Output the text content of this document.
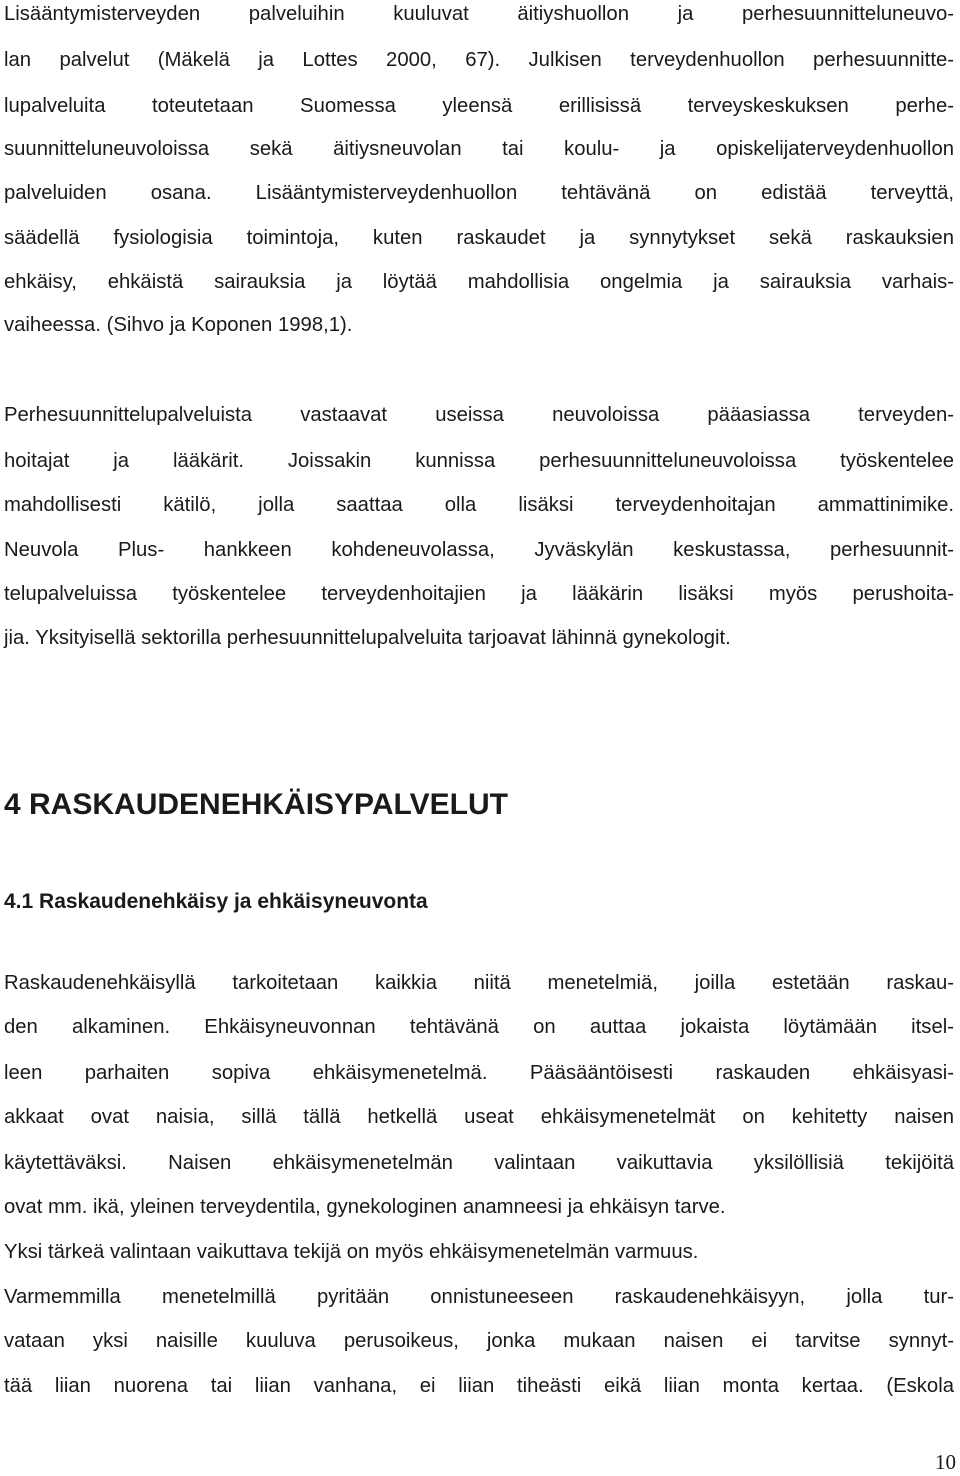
Lisääntymisterveyden palveluihin kuuluvat äitiyshuollon ja perhesuunnitteluneuvo-

lan palvelut (Mäkelä ja Lottes 2000, 67). Julkisen terveydenhuollon perhesuunnitte-

lupalveluita toteutetaan Suomessa yleensä erillisissä terveyskeskuksen perhe-

suunnitteluneuvoloissa sekä äitiysneuvolan tai koulu- ja opiskelijaterveydenhuollon

palveluiden osana. Lisääntymisterveydenhuollon tehtävänä on edistää terveyttä,

säädellä fysiologisia toimintoja, kuten raskaudet ja synnytykset sekä raskauksien

ehkäisy, ehkäistä sairauksia ja löytää mahdollisia ongelmia ja sairauksia varhais-

vaiheessa. (Sihvo ja Koponen 1998,1).

Perhesuunnittelupalveluista vastaavat useissa neuvoloissa pääasiassa terveyden-

hoitajat ja lääkärit. Joissakin kunnissa perhesuunnitteluneuvoloissa työskentelee

mahdollisesti kätilö, jolla saattaa olla lisäksi terveydenhoitajan ammattinimike.

Neuvola Plus- hankkeen kohdeneuvolassa, Jyväskylän keskustassa, perhesuunnit-

telupalveluissa työskentelee terveydenhoitajien ja lääkärin lisäksi myös perushoita-

jia. Yksityisellä sektorilla perhesuunnittelupalveluita tarjoavat lähinnä gynekologit.

4 RASKAUDENEHKÄISYPALVELUT
4.1 Raskaudenehkäisy ja ehkäisyneuvonta

Raskaudenehkäisyllä tarkoitetaan kaikkia niitä menetelmiä, joilla estetään raskau-

den alkaminen. Ehkäisyneuvonnan tehtävänä on auttaa jokaista löytämään itsel-

leen parhaiten sopiva ehkäisymenetelmä. Pääsääntöisesti raskauden ehkäisyasi-

akkaat ovat naisia, sillä tällä hetkellä useat ehkäisymenetelmät on kehitetty naisen

käytettäväksi. Naisen ehkäisymenetelmän valintaan vaikuttavia yksilöllisiä tekijöitä

ovat mm. ikä, yleinen terveydentila, gynekologinen anamneesi ja ehkäisyn tarve.

Yksi tärkeä valintaan vaikuttava tekijä on myös ehkäisymenetelmän varmuus.

Varmemmilla menetelmillä pyritään onnistuneeseen raskaudenehkäisyyn, jolla tur-

vataan yksi naisille kuuluva perusoikeus, jonka mukaan naisen ei tarvitse synnyt-

tää liian nuorena tai liian vanhana, ei liian tiheästi eikä liian monta kertaa. (Eskola

10
